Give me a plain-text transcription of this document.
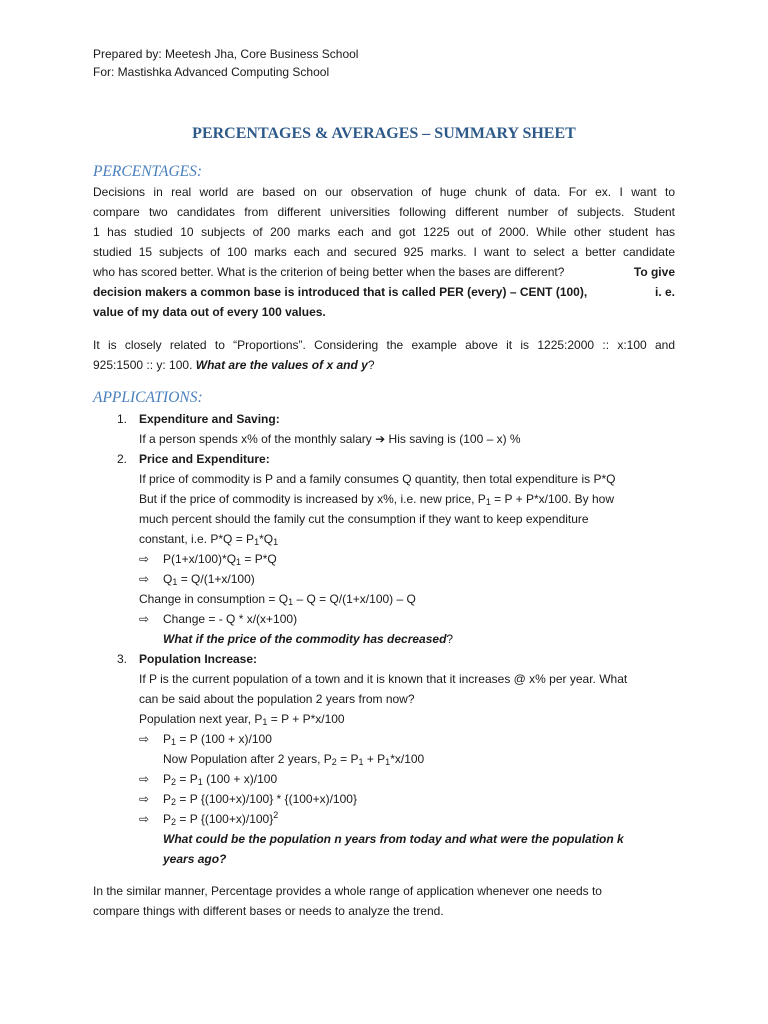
Prepared by: Meetesh Jha, Core Business School
For: Mastishka Advanced Computing School
PERCENTAGES & AVERAGES – SUMMARY SHEET
PERCENTAGES:
Decisions in real world are based on our observation of huge chunk of data. For ex. I want to
compare two candidates from different universities following different number of subjects. Student
1 has studied 10 subjects of 200 marks each and got 1225 out of 2000. While other student has
studied 15 subjects of 100 marks each and secured 925 marks. I want to select a better candidate
who has scored better. What is the criterion of being better when the bases are different?	To give
decision makers a common base is introduced that is called PER (every) – CENT (100),	i. e.
value of my data out of every 100 values.
It is closely related to “Proportions”. Considering the example above it is 1225:2000 :: x:100 and
925:1500 :: y: 100. What are the values of x and y?
APPLICATIONS:
1. Expenditure and Saving:
If a person spends x% of the monthly salary ➔ His saving is (100 – x) %
2. Price and Expenditure:
If price of commodity is P and a family consumes Q quantity, then total expenditure is P*Q
But if the price of commodity is increased by x%, i.e. new price, $P_1 = P + P*x/100$. By how
much percent should the family cut the consumption if they want to keep expenditure
constant, i.e. $P*Q = P_1*Q_1$
⇨ $P(1+x/100)*Q_1 = P*Q$
⇨ $Q_1 = Q/(1+x/100)$
Change in consumption = $Q_1 - Q = Q/(1+x/100) - Q$
⇨ Change = - Q * x/(x+100)
What if the price of the commodity has decreased?
3. Population Increase:
If P is the current population of a town and it is known that it increases @ x% per year. What
can be said about the population 2 years from now?
Population next year, $P_1 = P + P*x/100$
⇨ $P_1 = P$ (100 + x)/100
Now Population after 2 years, $P_2 = P_1 + P_1*x/100$
⇨ $P_2 = P_1$ (100 + x)/100
⇨ $P_2 = P$ {(100+x)/100} * {(100+x)/100}
⇨ $P_2 = P$ $\{(100+x)/100\}^2$
What could be the population n years from today and what were the population k
years ago?
In the similar manner, Percentage provides a whole range of application whenever one needs to
compare things with different bases or needs to analyze the trend.
